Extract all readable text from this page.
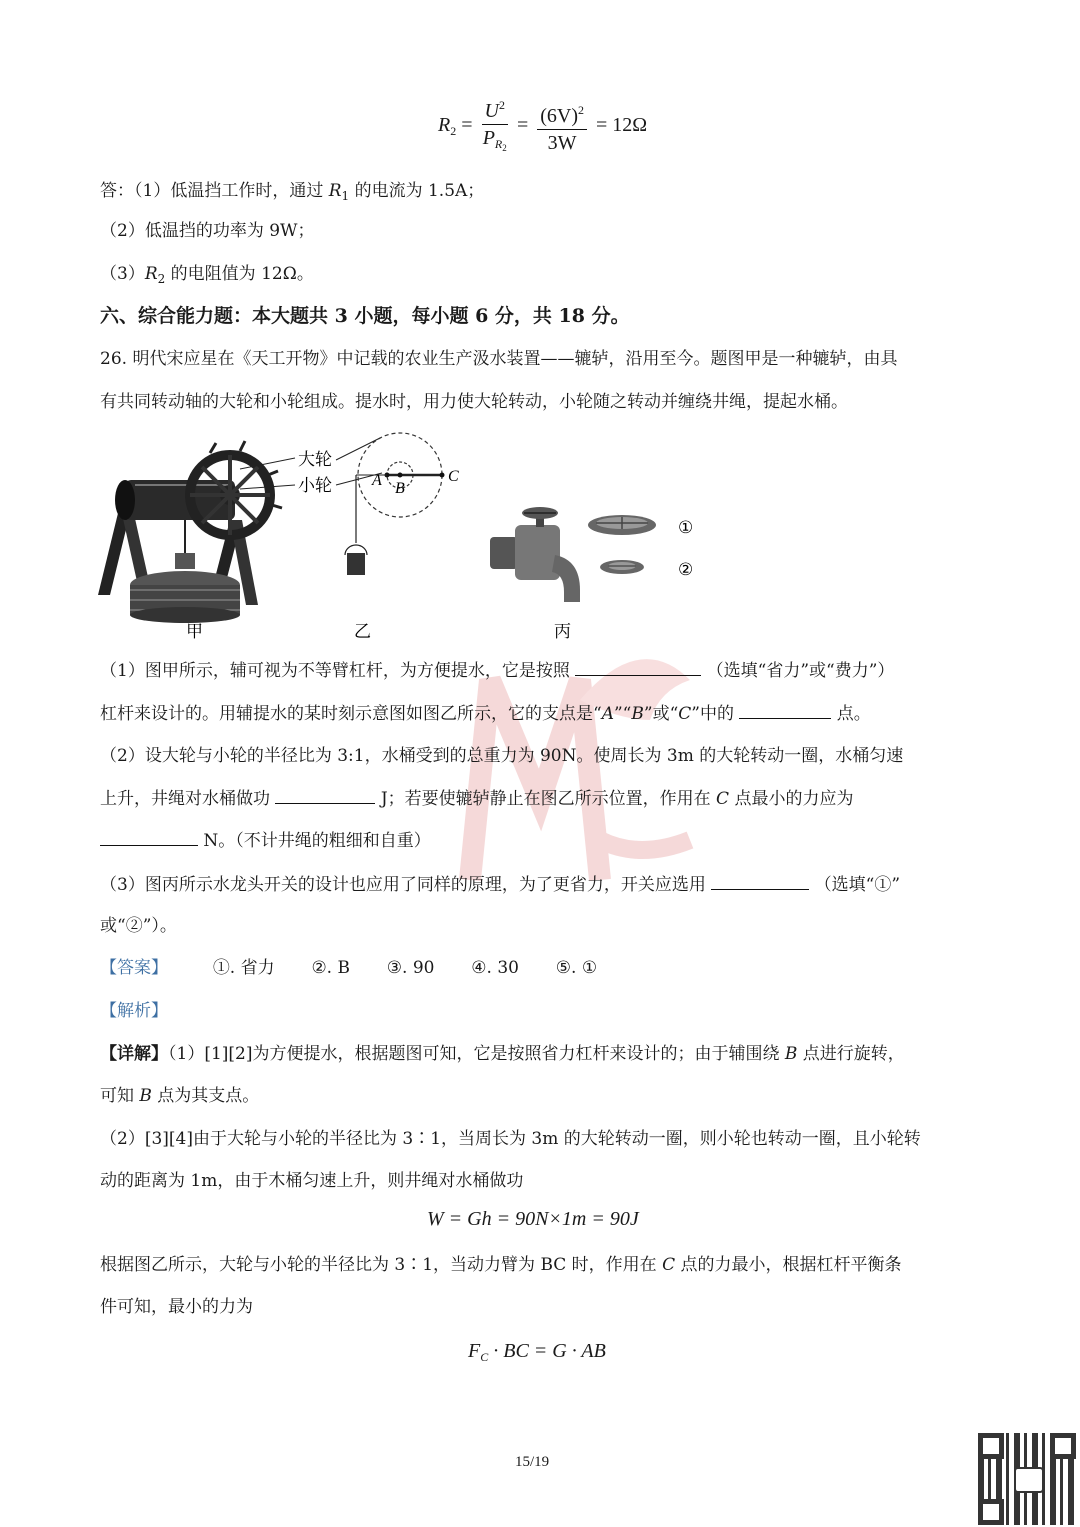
$R_2 = \frac{U^2}{P_{R2}} = \frac{(6V)^2}{3W} = 12\Omega$
答：（1）低温挡工作时，通过 $R_1$ 的电流为 1.5A；
（2）低温挡的功率为 9W；
$(3)R_2$ 的电阻值为 12Ω。
六、综合能力题：本大题共 3 小题，每小题 6 分，共 18 分。
26. 明代宋应星在《天工开物》中记载的农业生产汲水装置——辘轳，沿用至今。题图甲是一种辘轳，由具
有共同转动轴的大轮和小轮组成。提水时，用力使大轮转动，小轮随之转动并缠绕井绳，提起水桶。
大轮
小轮	A B
C
①
②
甲	乙	丙
（1）图甲所示，辅可视为不等臂杠杆，为方便提水，它是按照	（选填“省力”或“费力”）
杠杆来设计的。用辅提水的某时刻示意图如图乙所示，它的支点是“A”“B”或“C”中的	点。
（2）设大轮与小轮的半径比为 3:1，水桶受到的总重力为 90N。使周长为 3m 的大轮转动一圈，水桶匀速
上升，井绳对水桶做功	J；若要使辘轳静止在图乙所示位置，作用在 C 点最小的力应为
N。（不计井绳的粗细和自重）
（3）图丙所示水龙头开关的设计也应用了同样的原理，为了更省力，开关应选用	（选填“①”
或“②”）。
【答案】	①. 省力 ②. B ③. 90 ④. 30 ⑤. ①
【解析】
【详解】（1）[1][2]为方便提水，根据题图可知，它是按照省力杠杆来设计的；由于辅围绕 B 点进行旋转，
可知 B 点为其支点。
（2）[3][4]由于大轮与小轮的半径比为 3∶1，当周长为 3m 的大轮转动一圈，则小轮也转动一圈，且小轮转
动的距离为 1m，由于木桶匀速上升，则井绳对水桶做功
W = Gh = 90N×1m = 90J
根据图乙所示，大轮与小轮的半径比为 3∶1，当动力臂为 BC 时，作用在 C 点的力最小，根据杠杆平衡条
件可知，最小的力为
$F_C$ · BC = G · AB
15/19
